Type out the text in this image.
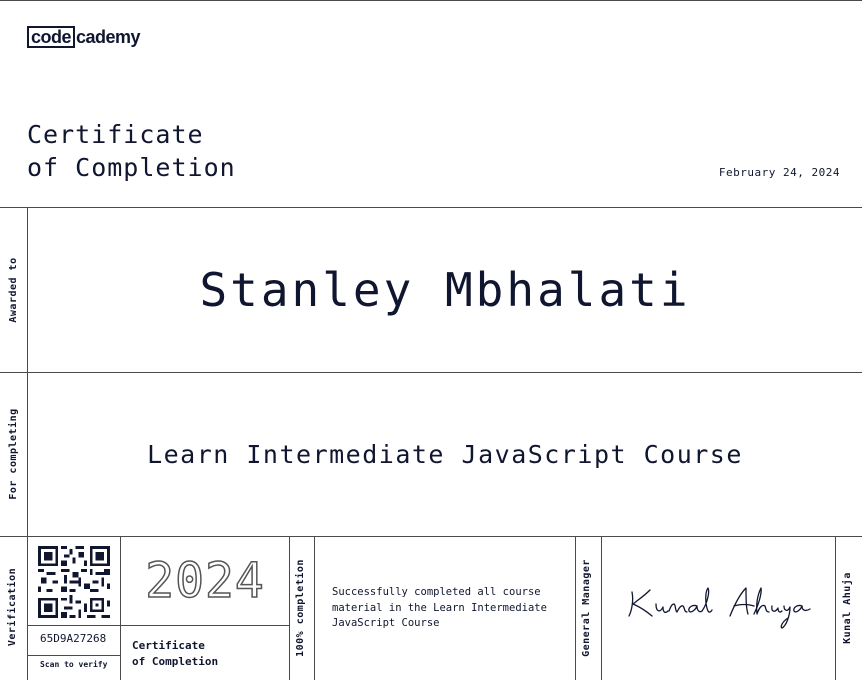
code cademy
Certificate
of Completion	February 24, 2024
Awarded to
For completing
Verification
Stanley Mbhalati
Learn Intermediate JavaScript Course
65D9A27268
Scan to verify
2024
Certificate
of Completion
100% completion Successfully completed all course material in the Learn Intermediate JavaScript Course	General Manager	Kunal Ahuja
